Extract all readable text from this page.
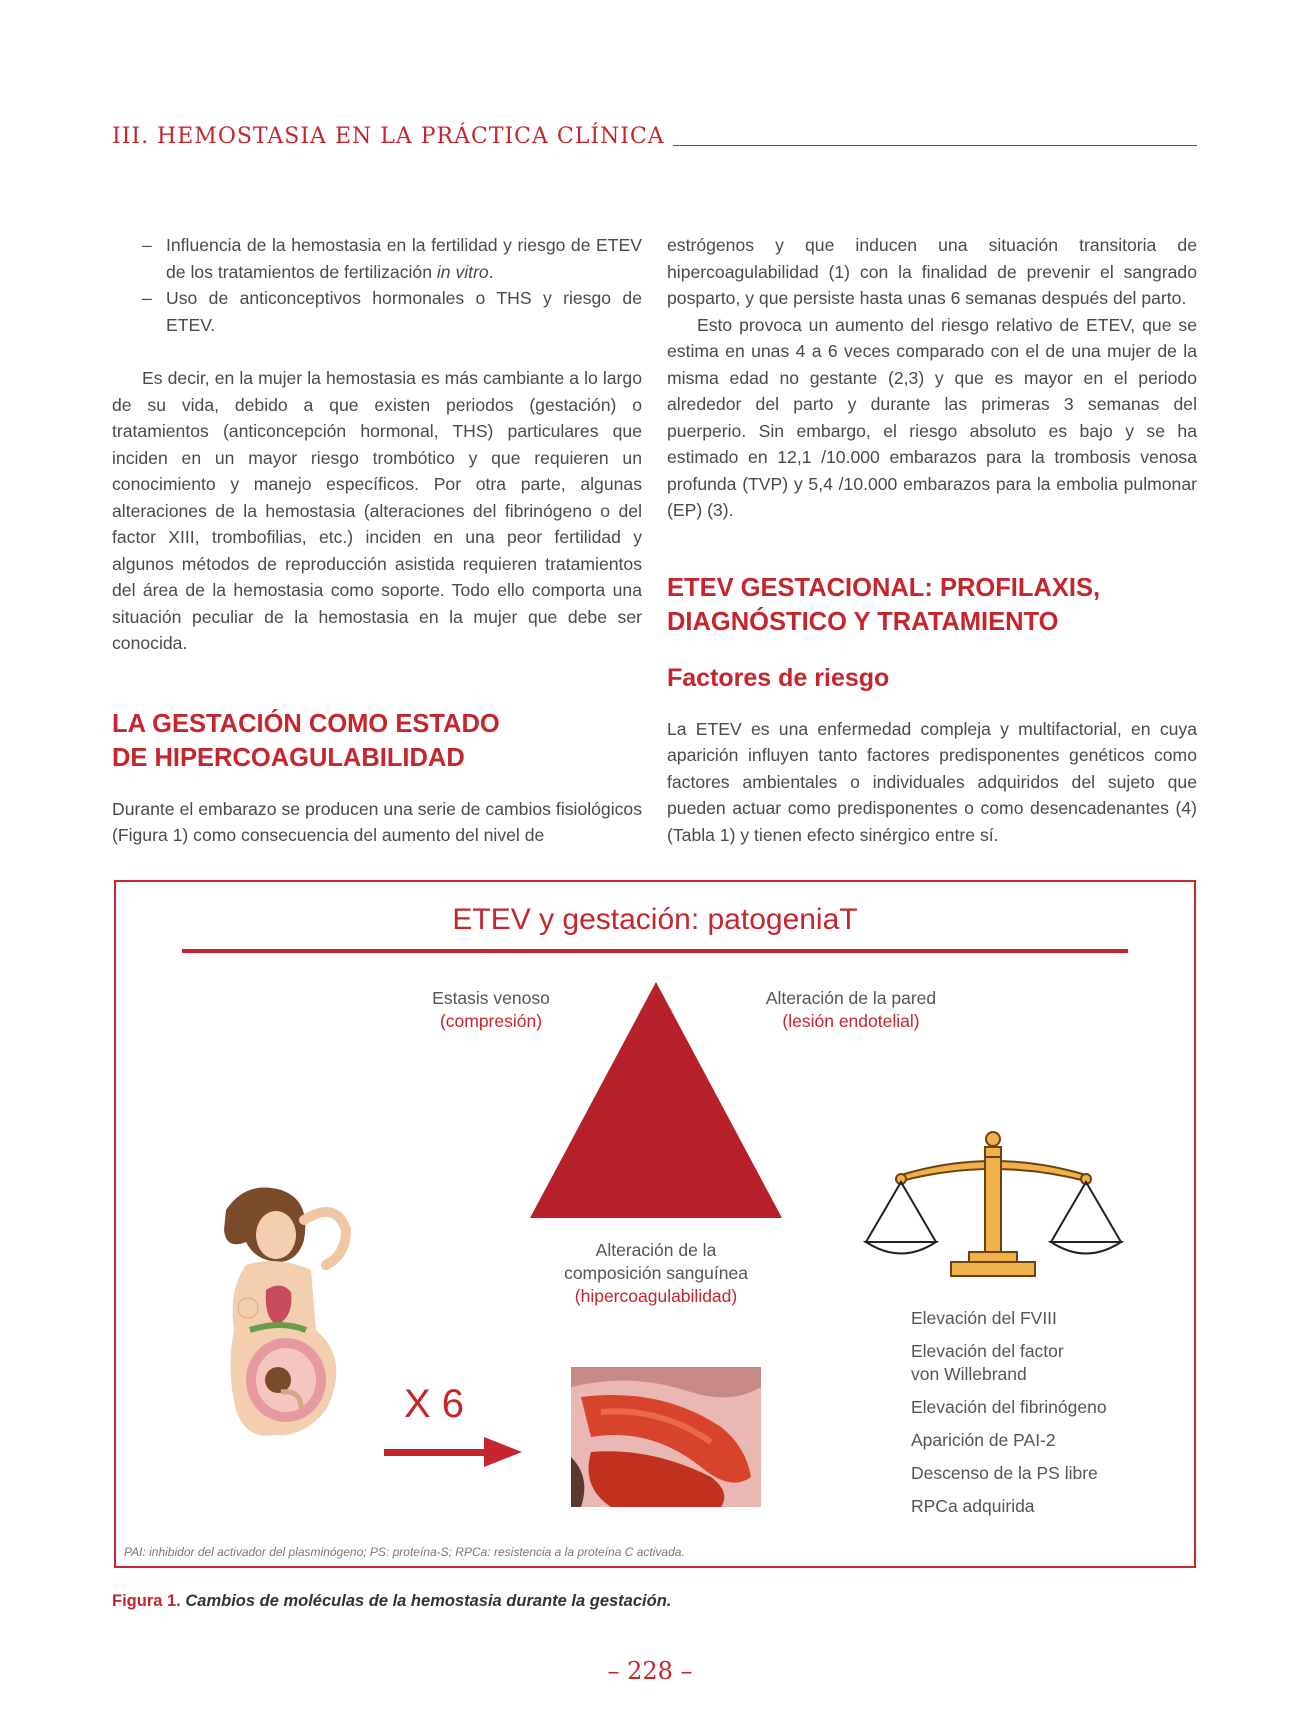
III. HEMOSTASIA EN LA PRÁCTICA CLÍNICA
– Influencia de la hemostasia en la fertilidad y riesgo de ETEV de los tratamientos de fertilización in vitro.
– Uso de anticonceptivos hormonales o THS y riesgo de ETEV.

Es decir, en la mujer la hemostasia es más cambiante a lo largo de su vida, debido a que existen periodos (gestación) o tratamientos (anticoncepción hormonal, THS) particulares que inciden en un mayor riesgo trombótico y que requieren un conocimiento y manejo específicos. Por otra parte, algunas alteraciones de la hemostasia (alteraciones del fibrinógeno o del factor XIII, trombofilias, etc.) inciden en una peor fertilidad y algunos métodos de reproducción asistida requieren tratamientos del área de la hemostasia como soporte. Todo ello comporta una situación peculiar de la hemostasia en la mujer que debe ser conocida.

LA GESTACIÓN COMO ESTADO DE HIPERCOAGULABILIDAD

Durante el embarazo se producen una serie de cambios fisiológicos (Figura 1) como consecuencia del aumento del nivel de

estrógenos y que inducen una situación transitoria de hipercoagulabilidad (1) con la finalidad de prevenir el sangrado posparto, y que persiste hasta unas 6 semanas después del parto.

Esto provoca un aumento del riesgo relativo de ETEV, que se estima en unas 4 a 6 veces comparado con el de una mujer de la misma edad no gestante (2,3) y que es mayor en el periodo alrededor del parto y durante las primeras 3 semanas del puerperio. Sin embargo, el riesgo absoluto es bajo y se ha estimado en 12,1 /10.000 embarazos para la trombosis venosa profunda (TVP) y 5,4 /10.000 embarazos para la embolia pulmonar (EP) (3).

ETEV GESTACIONAL: PROFILAXIS, DIAGNÓSTICO Y TRATAMIENTO
Factores de riesgo

La ETEV es una enfermedad compleja y multifactorial, en cuya aparición influyen tanto factores predisponentes genéticos como factores ambientales o individuales adquiridos del sujeto que pueden actuar como predisponentes o como desencadenantes (4) (Tabla 1) y tienen efecto sinérgico entre sí.

ETEV y gestación: patogeniaT
Estasis venoso
(compresión)
Alteración de la pared
(lesión endotelial)
Alteración de la
composición sanguínea
(hipercoagulabilidad)
X 6
Elevación del FVIII
Elevación del factor
von Willebrand
Elevación del fibrinógeno
Aparición de PAI-2
Descenso de la PS libre
RPCa adquirida
PAI: inhibidor del activador del plasminógeno; PS: proteína-S; RPCa: resistencia a la proteína C activada.
Figura 1. Cambios de moléculas de la hemostasia durante la gestación.
– 228 –
